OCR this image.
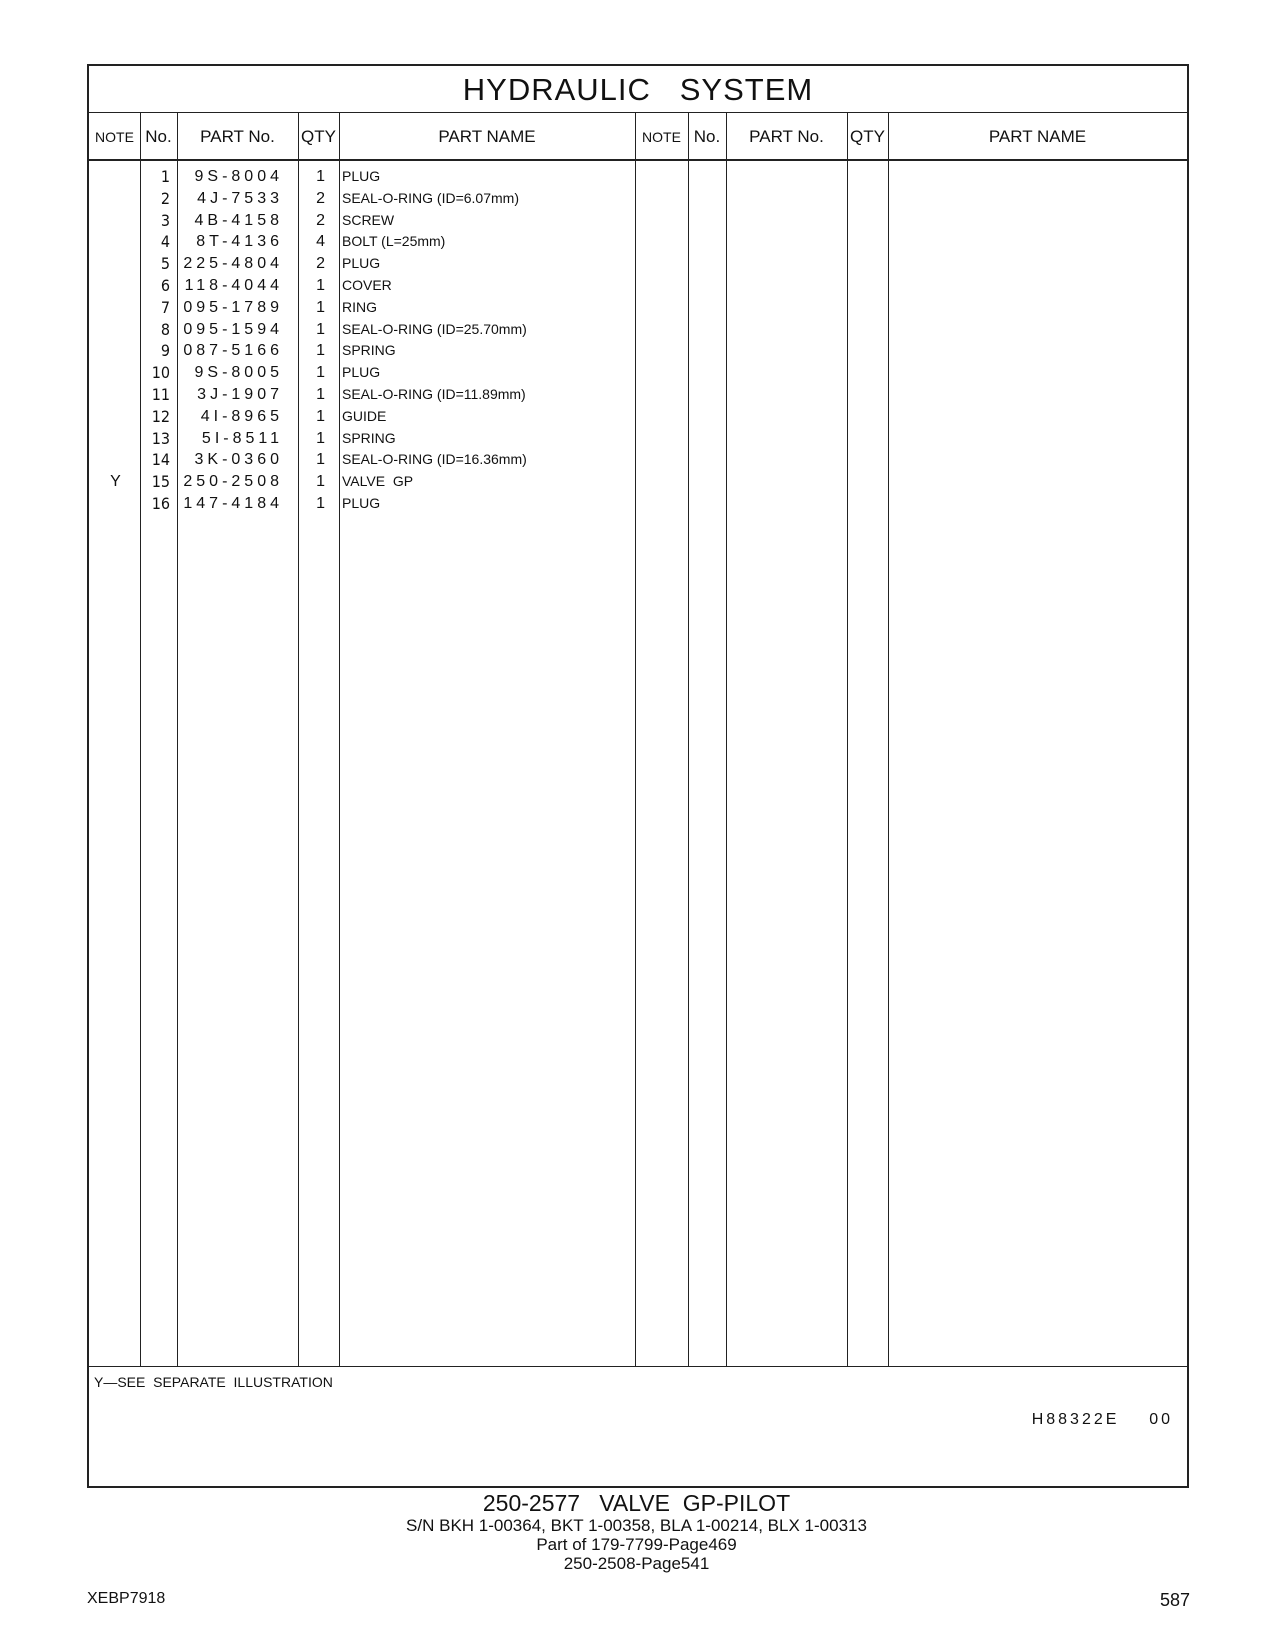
HYDRAULIC   SYSTEM
NOTE No.	PART No.	QTY	PART NAME	NOTE No.	PART No.	QTY	PART NAME
1	9S-8004	1 PLUG
2	4J-7533	2 SEAL-O-RING (ID=6.07mm)
3	4B-4158	2 SCREW
4	8T-4136	4 BOLT (L=25mm)
5 225-4804	2 PLUG
6 118-4044	1 COVER
7 095-1789	1 RING
8 095-1594	1 SEAL-O-RING (ID=25.70mm)
9 087-5166	1 SPRING
10	9S-8005	1 PLUG
11	3J-1907	1 SEAL-O-RING (ID=11.89mm)
12	4I-8965	1 GUIDE
13	5I-8511	1 SPRING
14	3K-0360	1 SEAL-O-RING (ID=16.36mm)
Y	15 250-2508	1 VALVE  GP
16 147-4184	1 PLUG
Y—SEE  SEPARATE  ILLUSTRATION
H88322E    00
250-2577   VALVE  GP-PILOT
S/N BKH 1-00364, BKT 1-00358, BLA 1-00214, BLX 1-00313
Part of 179-7799-Page469
250-2508-Page541
XEBP7918	587
